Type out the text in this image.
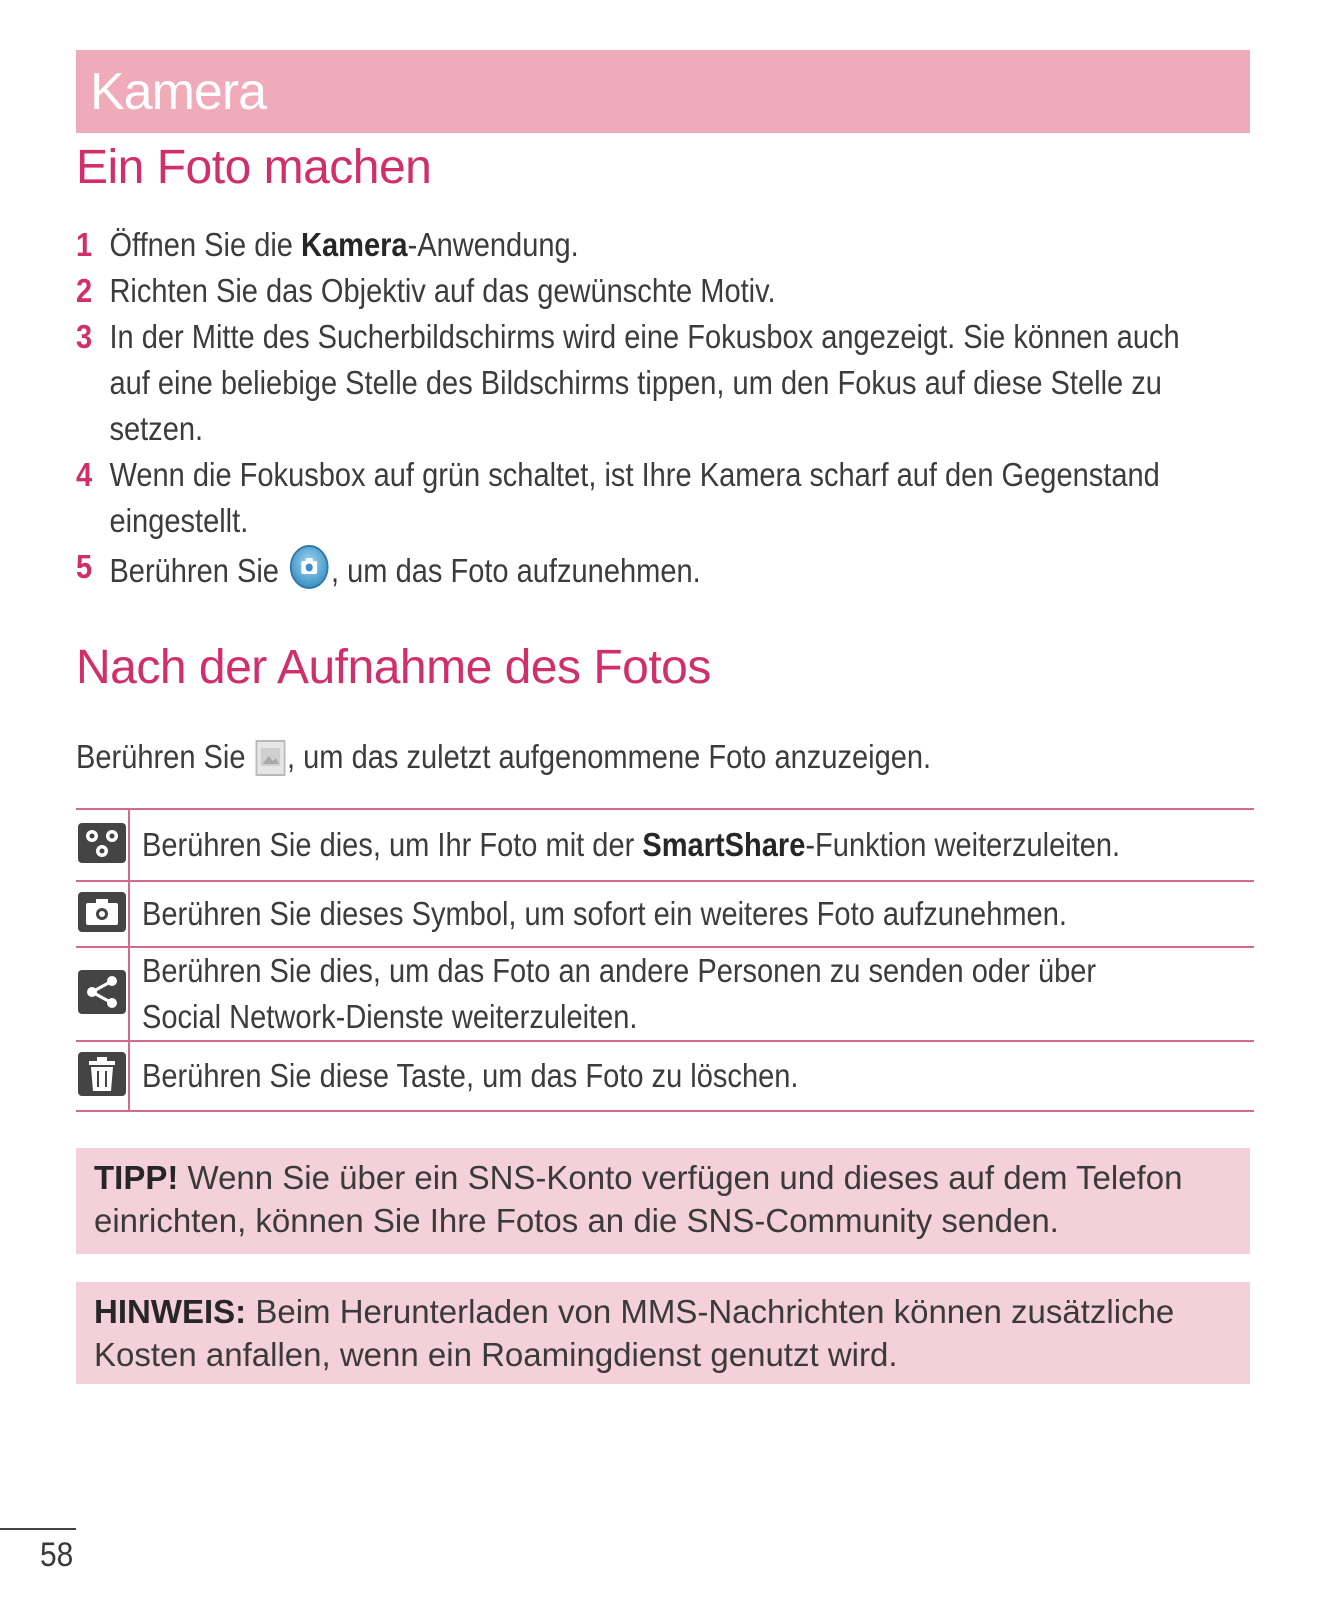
Kamera
Ein Foto machen
1 Öffnen Sie die Kamera-Anwendung.
2 Richten Sie das Objektiv auf das gewünschte Motiv.
3 In der Mitte des Sucherbildschirms wird eine Fokusbox angezeigt. Sie können auch
auf eine beliebige Stelle des Bildschirms tippen, um den Fokus auf diese Stelle zu
setzen.
4 Wenn die Fokusbox auf grün schaltet, ist Ihre Kamera scharf auf den Gegenstand
eingestellt.
5 Berühren Sie , um das Foto aufzunehmen.
Nach der Aufnahme des Fotos
Berühren Sie , um das zuletzt aufgenommene Foto anzuzeigen.

Berühren Sie dies, um Ihr Foto mit der SmartShare-Funktion weiterzuleiten.

Berühren Sie dieses Symbol, um sofort ein weiteres Foto aufzunehmen.

Berühren Sie dies, um das Foto an andere Personen zu senden oder über
Social Network-Dienste weiterzuleiten.

Berühren Sie diese Taste, um das Foto zu löschen.
TIPP! Wenn Sie über ein SNS-Konto verfügen und dieses auf dem Telefon
einrichten, können Sie Ihre Fotos an die SNS-Community senden.
HINWEIS: Beim Herunterladen von MMS-Nachrichten können zusätzliche
Kosten anfallen, wenn ein Roamingdienst genutzt wird.
58
